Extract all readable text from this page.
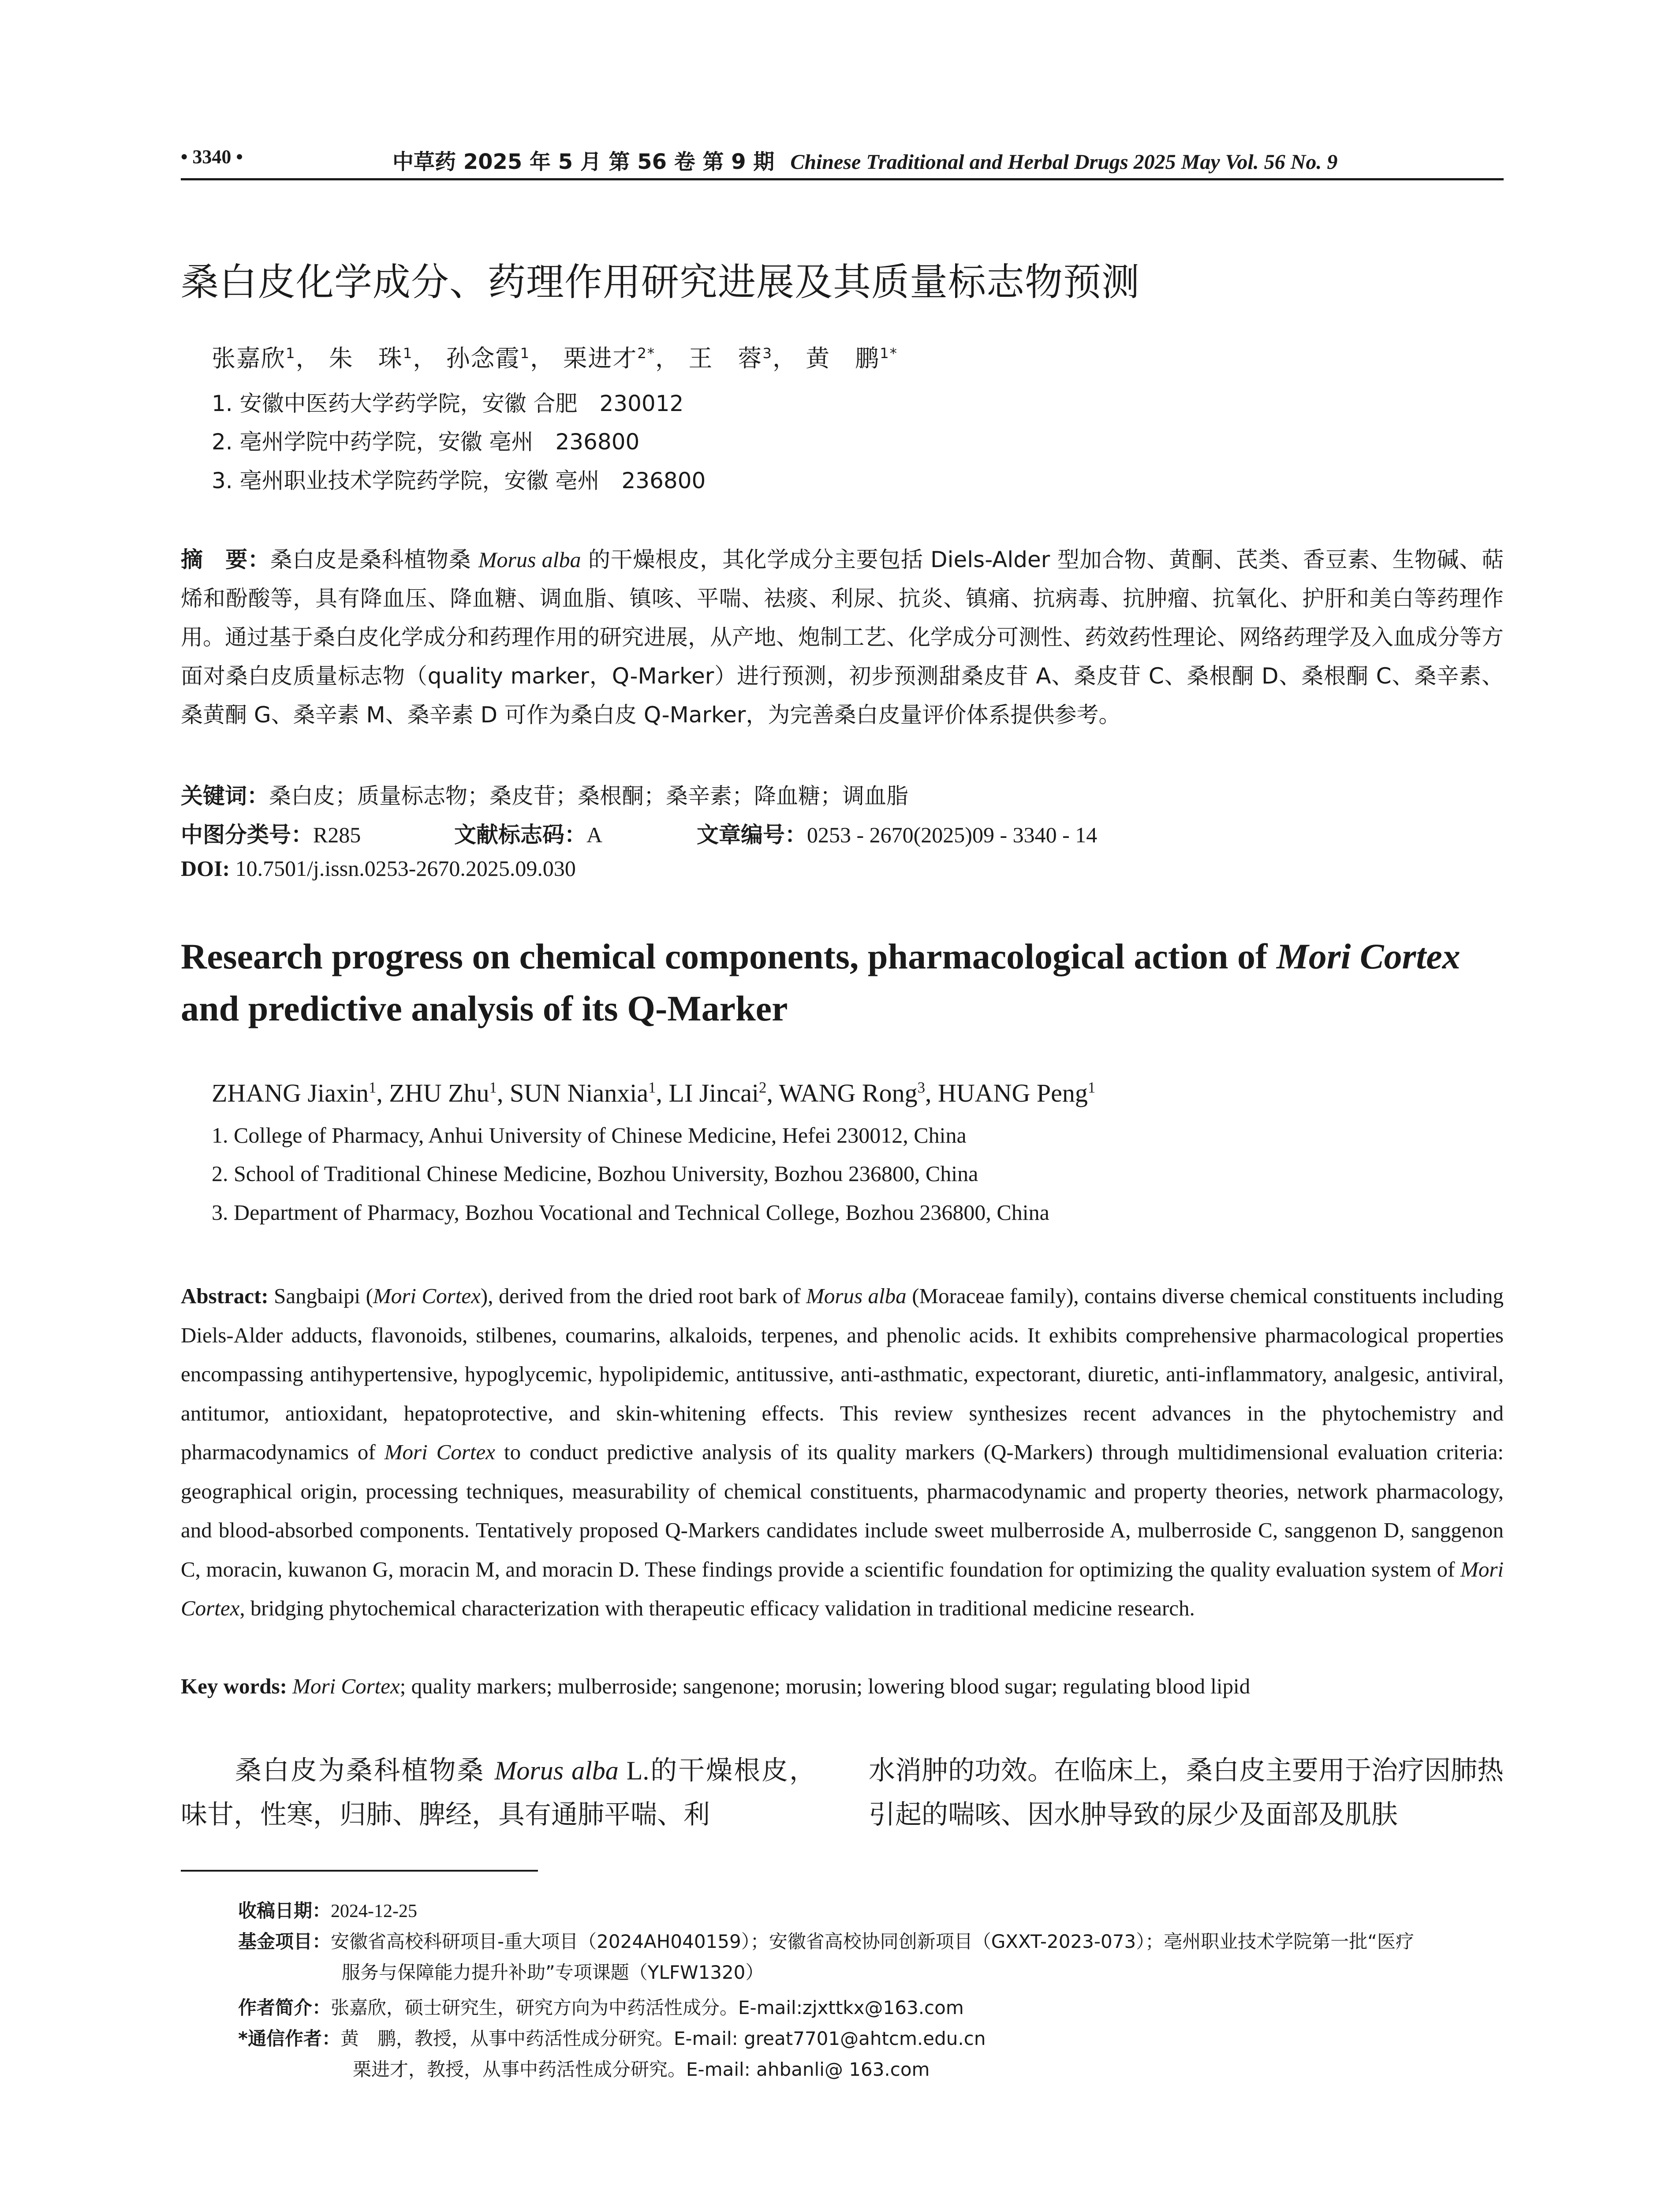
• 3340 •	中草药 2025 年 5 月 第 56 卷 第 9 期 Chinese Traditional and Herbal Drugs 2025 May Vol. 56 No. 9
桑白皮化学成分、药理作用研究进展及其质量标志物预测
张嘉欣$^1$， 朱　珠$^1$， 孙念霞$^1$， 栗进才$^{2*}$， 王　蓉$^3$， 黄　鹏$^{1*}$
1. 安徽中医药大学药学院，安徽 合肥　230012
2. 亳州学院中药学院，安徽 亳州　236800
3. 亳州职业技术学院药学院，安徽 亳州　236800
摘　要：桑白皮是桑科植物桑 Morus alba 的干燥根皮，其化学成分主要包括 Diels-Alder 型加合物、黄酮、芪类、香豆素、生物碱、萜烯和酚酸等，具有降血压、降血糖、调血脂、镇咳、平喘、祛痰、利尿、抗炎、镇痛、抗病毒、抗肿瘤、抗氧化、护肝和美白等药理作用。通过基于桑白皮化学成分和药理作用的研究进展，从产地、炮制工艺、化学成分可测性、药效药性理论、网络药理学及入血成分等方面对桑白皮质量标志物（quality marker，Q-Marker）进行预测，初步预测甜桑皮苷 A、桑皮苷 C、桑根酮 D、桑根酮 C、桑辛素、桑黄酮 G、桑辛素 M、桑辛素 D 可作为桑白皮 Q-Marker，为完善桑白皮量评价体系提供参考。
关键词：桑白皮；质量标志物；桑皮苷；桑根酮；桑辛素；降血糖；调血脂
中图分类号：R285	文献标志码：A	文章编号：0253 - 2670(2025)09 - 3340 - 14
DOI: 10.7501/j.issn.0253-2670.2025.09.030
Research progress on chemical components, pharmacological action of Mori Cortex and predictive analysis of its Q-Marker
ZHANG Jiaxin$^1$, ZHU Zhu$^1$, SUN Nianxia$^1$, LI Jincai$^2$, WANG Rong$^3$, HUANG Peng$^1$
1. College of Pharmacy, Anhui University of Chinese Medicine, Hefei 230012, China
2. School of Traditional Chinese Medicine, Bozhou University, Bozhou 236800, China
3. Department of Pharmacy, Bozhou Vocational and Technical College, Bozhou 236800, China
Abstract: Sangbaipi (Mori Cortex), derived from the dried root bark of Morus alba (Moraceae family), contains diverse chemical constituents including Diels-Alder adducts, flavonoids, stilbenes, coumarins, alkaloids, terpenes, and phenolic acids. It exhibits comprehensive pharmacological properties encompassing antihypertensive, hypoglycemic, hypolipidemic, antitussive, anti-asthmatic, expectorant, diuretic, anti-inflammatory, analgesic, antiviral, antitumor, antioxidant, hepatoprotective, and skin-whitening effects. This review synthesizes recent advances in the phytochemistry and pharmacodynamics of Mori Cortex to conduct predictive analysis of its quality markers (Q-Markers) through multidimensional evaluation criteria: geographical origin, processing techniques, measurability of chemical constituents, pharmacodynamic and property theories, network pharmacology, and blood-absorbed components. Tentatively proposed Q-Markers candidates include sweet mulberroside A, mulberroside C, sanggenon D, sanggenon C, moracin, kuwanon G, moracin M, and moracin D. These findings provide a scientific foundation for optimizing the quality evaluation system of Mori Cortex, bridging phytochemical characterization with therapeutic efficacy validation in traditional medicine research.
Key words: Mori Cortex; quality markers; mulberroside; sangenone; morusin; lowering blood sugar; regulating blood lipid
桑白皮为桑科植物桑 Morus alba L.的干燥根皮，味甘，性寒，归肺、脾经，具有通肺平喘、利
水消肿的功效。在临床上，桑白皮主要用于治疗因肺热引起的喘咳、因水肿导致的尿少及面部及肌肤
收稿日期：2024-12-25
基金项目：安徽省高校科研项目-重大项目（2024AH040159）；安徽省高校协同创新项目（GXXT-2023-073）；亳州职业技术学院第一批“医疗
服务与保障能力提升补助”专项课题（YLFW1320）
作者简介：张嘉欣，硕士研究生，研究方向为中药活性成分。E-mail:zjxttkx@163.com
*通信作者：黄　鹏，教授，从事中药活性成分研究。E-mail: great7701@ahtcm.edu.cn
栗进才，教授，从事中药活性成分研究。E-mail: ahbanli@ 163.com
